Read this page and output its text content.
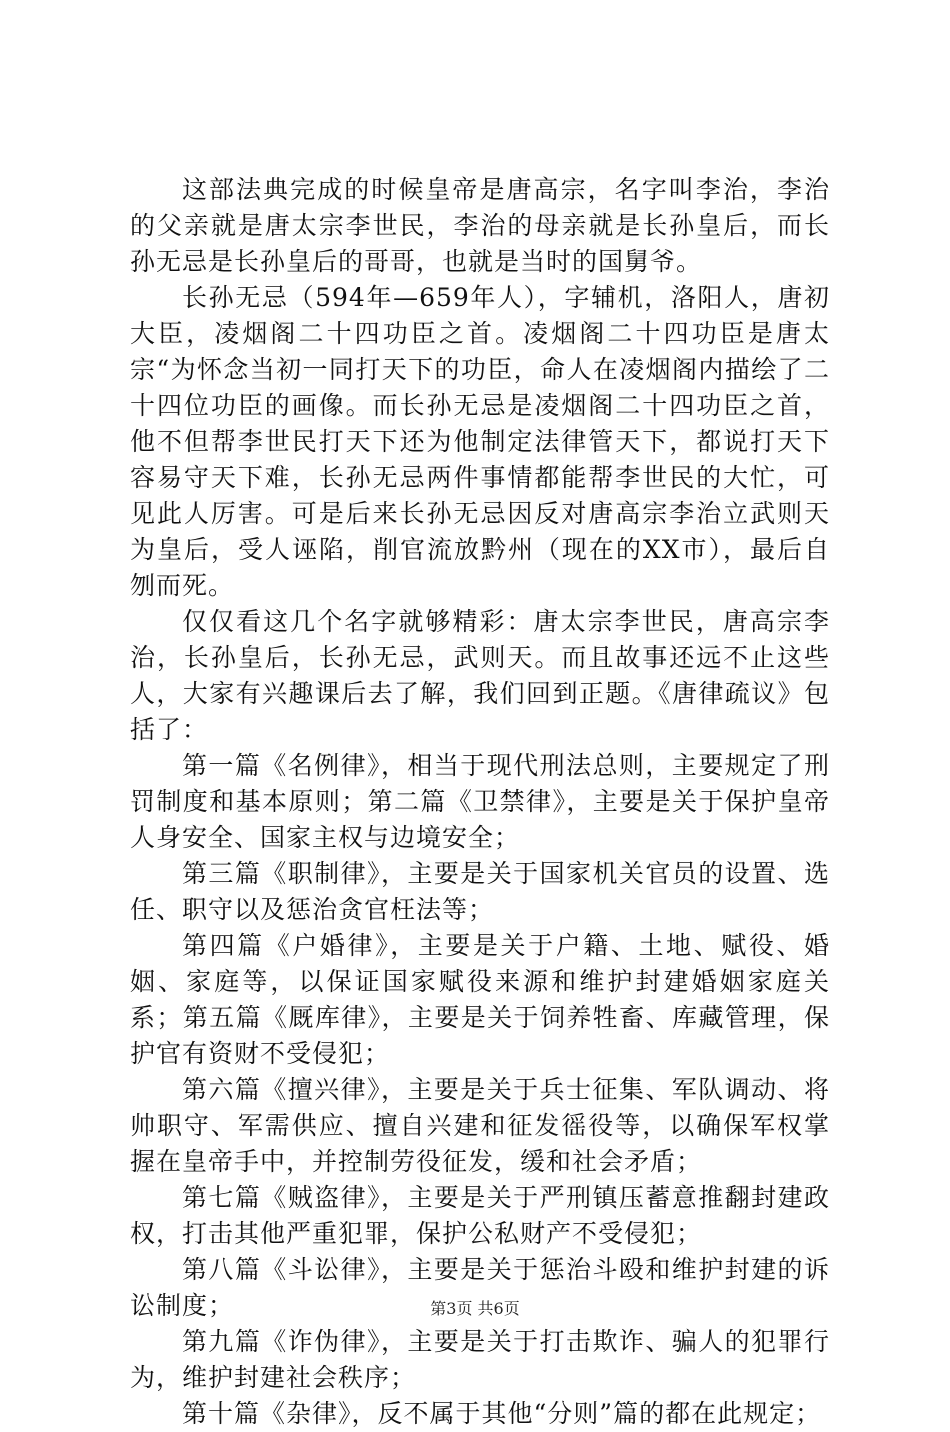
这部法典完成的时候皇帝是唐高宗，名字叫李治，李治的父亲就是唐太宗李世民，李治的母亲就是长孙皇后，而长孙无忌是长孙皇后的哥哥，也就是当时的国舅爷。

长孙无忌（594年—659年人），字辅机，洛阳人，唐初大臣，凌烟阁二十四功臣之首。凌烟阁二十四功臣是唐太宗“为怀念当初一同打天下的功臣，命人在凌烟阁内描绘了二十四位功臣的画像。而长孙无忌是凌烟阁二十四功臣之首，他不但帮李世民打天下还为他制定法律管天下，都说打天下容易守天下难，长孙无忌两件事情都能帮李世民的大忙，可见此人厉害。可是后来长孙无忌因反对唐高宗李治立武则天为皇后，受人诬陷，削官流放黔州（现在的XX市），最后自刎而死。

仅仅看这几个名字就够精彩：唐太宗李世民，唐高宗李治，长孙皇后，长孙无忌，武则天。而且故事还远不止这些人，大家有兴趣课后去了解，我们回到正题。《唐律疏议》包括了：

第一篇《名例律》，相当于现代刑法总则，主要规定了刑罚制度和基本原则；第二篇《卫禁律》，主要是关于保护皇帝人身安全、国家主权与边境安全；

第三篇《职制律》，主要是关于国家机关官员的设置、选任、职守以及惩治贪官枉法等；

第四篇《户婚律》，主要是关于户籍、土地、赋役、婚姻、家庭等，以保证国家赋役来源和维护封建婚姻家庭关系；第五篇《厩库律》，主要是关于饲养牲畜、库藏管理，保护官有资财不受侵犯；

第六篇《擅兴律》，主要是关于兵士征集、军队调动、将帅职守、军需供应、擅自兴建和征发徭役等，以确保军权掌握在皇帝手中，并控制劳役征发，缓和社会矛盾；

第七篇《贼盗律》，主要是关于严刑镇压蓄意推翻封建政权，打击其他严重犯罪，保护公私财产不受侵犯；

第八篇《斗讼律》，主要是关于惩治斗殴和维护封建的诉讼制度；

第九篇《诈伪律》，主要是关于打击欺诈、骗人的犯罪行为，维护封建社会秩序；

第十篇《杂律》，反不属于其他“分则”篇的都在此规定；

第3页 共6页
